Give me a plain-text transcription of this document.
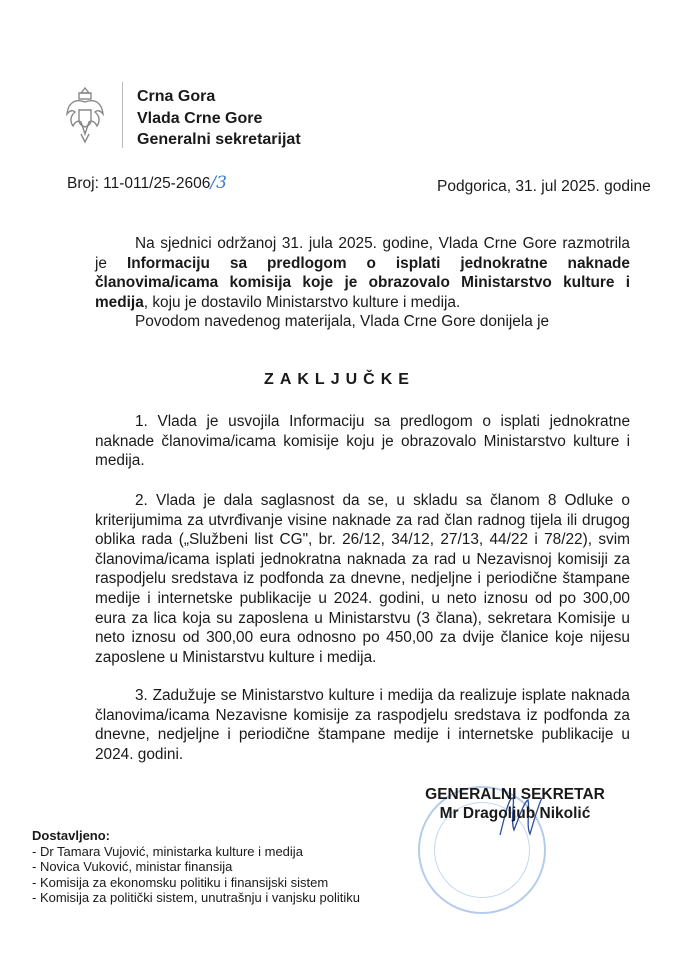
Crna Gora
Vlada Crne Gore
Generalni sekretarijat
Broj: 11-011/25-2606/3	Podgorica, 31. jul 2025. godine

Na sjednici održanoj 31. jula 2025. godine, Vlada Crne Gore razmotrila je Informaciju sa predlogom o isplati jednokratne naknade članovima/icama komisija koje je obrazovalo Ministarstvo kulture i medija, koju je dostavilo Ministarstvo kulture i medija.

Povodom navedenog materijala, Vlada Crne Gore donijela je

ZAKLJUČKE

1. Vlada je usvojila Informaciju sa predlogom o isplati jednokratne naknade članovima/icama komisije koju je obrazovalo Ministarstvo kulture i medija.

2. Vlada je dala saglasnost da se, u skladu sa članom 8 Odluke o kriterijumima za utvrđivanje visine naknade za rad član radnog tijela ili drugog oblika rada („Službeni list CG", br. 26/12, 34/12, 27/13, 44/22 i 78/22), svim članovima/icama isplati jednokratna naknada za rad u Nezavisnoj komisiji za raspodjelu sredstava iz podfonda za dnevne, nedjeljne i periodične štampane medije i internetske publikacije u 2024. godini, u neto iznosu od po 300,00 eura za lica koja su zaposlena u Ministarstvu (3 člana), sekretara Komisije u neto iznosu od 300,00 eura odnosno po 450,00 za dvije članice koje nijesu zaposlene u Ministarstvu kulture i medija.

3. Zadužuje se Ministarstvo kulture i medija da realizuje isplate naknada članovima/icama Nezavisne komisije za raspodjelu sredstava iz podfonda za dnevne, nedjeljne i periodične štampane medije i internetske publikacije u 2024. godini.

GENERALNI SEKRETAR
Mr Dragoljub Nikolić
Dostavljeno:
- Dr Tamara Vujović, ministarka kulture i medija
- Novica Vuković, ministar finansija
- Komisija za ekonomsku politiku i finansijski sistem
- Komisija za politički sistem, unutrašnju i vanjsku politiku
